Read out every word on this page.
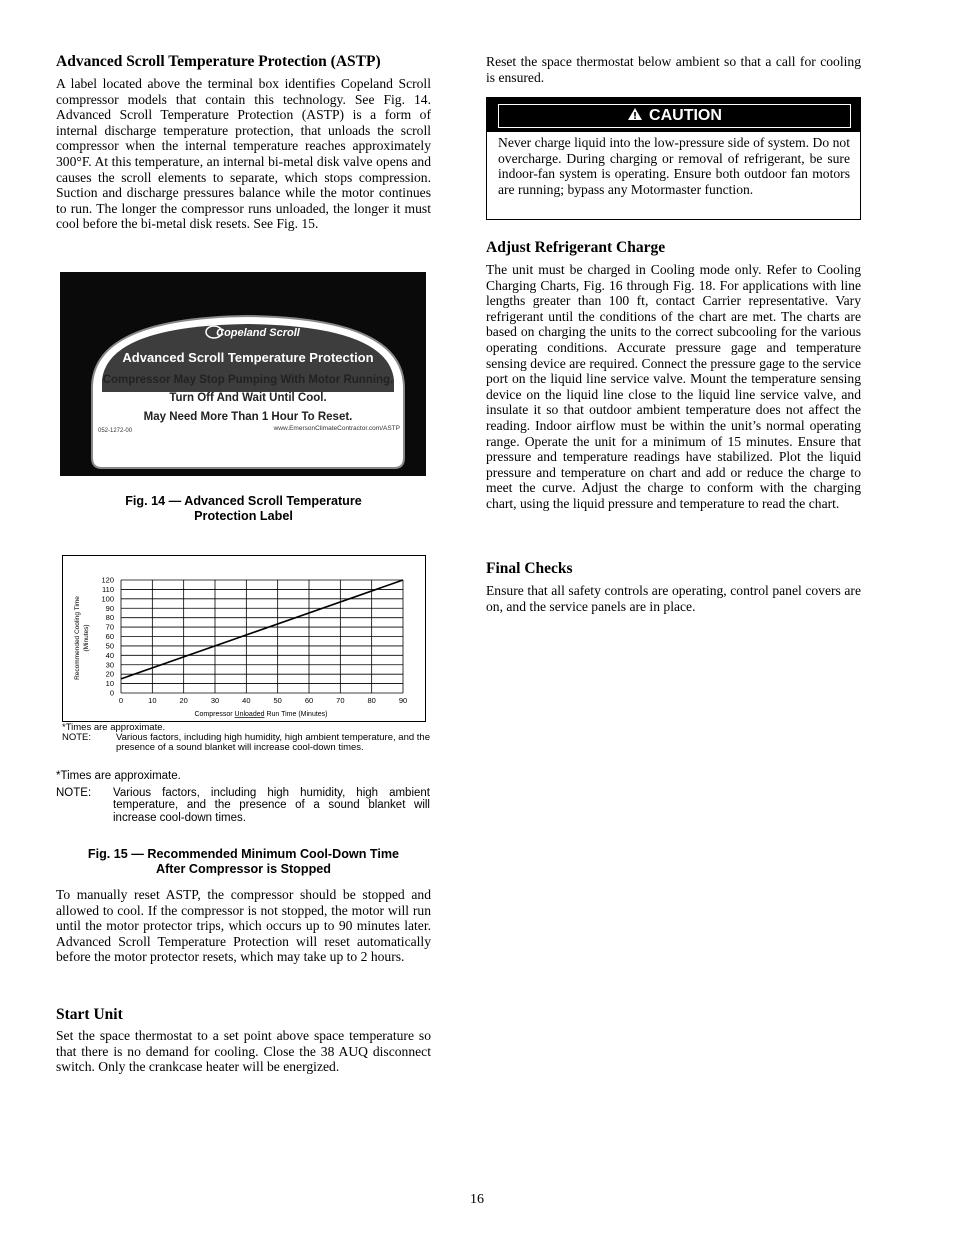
Advanced Scroll Temperature Protection (ASTP)

A label located above the terminal box identifies Copeland Scroll compressor models that contain this technology. See Fig. 14. Advanced Scroll Temperature Protection (ASTP) is a form of internal discharge temperature protection, that unloads the scroll compressor when the internal temperature reaches approximately 300°F. At this temperature, an internal bi-metal disk valve opens and causes the scroll elements to separate, which stops compression. Suction and discharge pressures balance while the motor continues to run. The longer the compressor runs unloaded, the longer it must cool before the bi-metal disk resets. See Fig. 15.

Copeland Scroll
Advanced Scroll Temperature Protection
Compressor May Stop Pumping With Motor Running.
Turn Off And Wait Until Cool.
May Need More Than 1 Hour To Reset.
052-1272-00	www.EmersonClimateContractor.com/ASTP
Fig. 14 — Advanced Scroll Temperature
Protection Label
0	10	20	30	40	50	60	70	80	90
0
10
20
30
40
50
60
70
80
90
100
110
120
Compressor Unloaded Run Time (Minutes)
Recommended Cooling Time (Minutes)
*Times are approximate.
NOTE:	Various factors, including high humidity, high ambient temperature, and the presence of a sound blanket will increase cool-down times.
*Times are approximate.
NOTE:	Various factors, including high humidity, high ambient temperature, and the presence of a sound blanket will increase cool-down times.
Fig. 15 — Recommended Minimum Cool-Down Time
After Compressor is Stopped

To manually reset ASTP, the compressor should be stopped and allowed to cool. If the compressor is not stopped, the motor will run until the motor protector trips, which occurs up to 90 minutes later. Advanced Scroll Temperature Protection will reset automatically before the motor protector resets, which may take up to 2 hours.

Start Unit

Set the space thermostat to a set point above space temperature so that there is no demand for cooling. Close the 38 AUQ disconnect switch. Only the crankcase heater will be energized.

Reset the space thermostat below ambient so that a call for cooling is ensured.

CAUTION

Never charge liquid into the low-pressure side of system. Do not overcharge. During charging or removal of refrigerant, be sure indoor-fan system is operating. Ensure both outdoor fan motors are running; bypass any Motormaster function.

Adjust Refrigerant Charge

The unit must be charged in Cooling mode only. Refer to Cooling Charging Charts, Fig. 16 through Fig. 18. For applications with line lengths greater than 100 ft, contact Carrier representative. Vary refrigerant until the conditions of the chart are met. The charts are based on charging the units to the correct subcooling for the various operating conditions. Accurate pressure gage and temperature sensing device are required. Connect the pressure gage to the service port on the liquid line service valve. Mount the temperature sensing device on the liquid line close to the liquid line service valve, and insulate it so that outdoor ambient temperature does not affect the reading. Indoor airflow must be within the unit’s normal operating range. Operate the unit for a minimum of 15 minutes. Ensure that pressure and temperature readings have stabilized. Plot the liquid pressure and temperature on chart and add or reduce the charge to meet the curve. Adjust the charge to conform with the charging chart, using the liquid pressure and temperature to read the chart.

Final Checks

Ensure that all safety controls are operating, control panel covers are on, and the service panels are in place.

16
